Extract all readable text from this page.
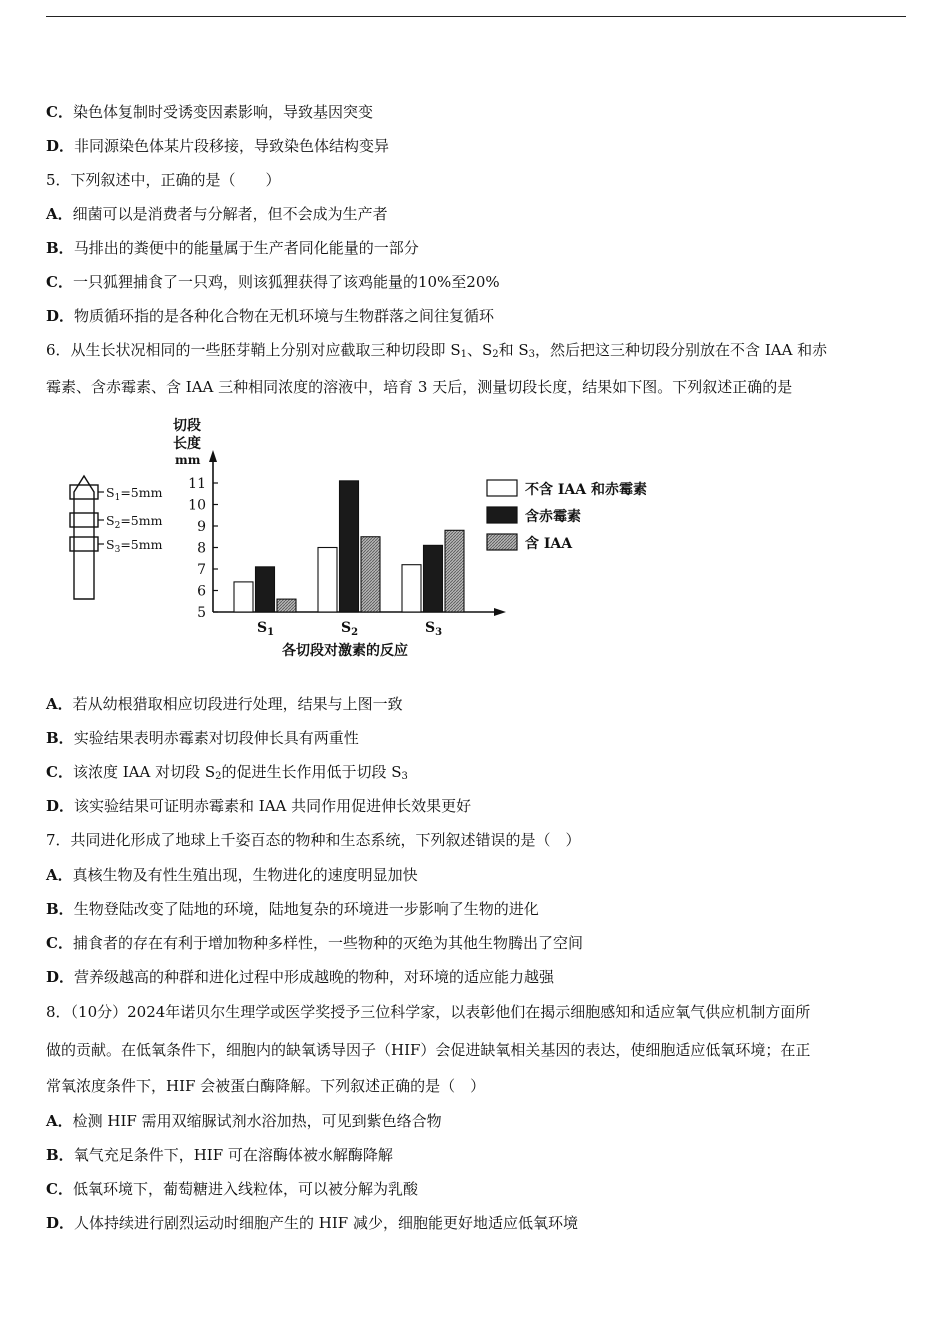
C．染色体复制时受诱变因素影响，导致基因突变
D．非同源染色体某片段移接，导致染色体结构变异
5．下列叙述中，正确的是（　　）
A．细菌可以是消费者与分解者，但不会成为生产者
B．马排出的粪便中的能量属于生产者同化能量的一部分
C．一只狐狸捕食了一只鸡，则该狐狸获得了该鸡能量的10%至20%
D．物质循环指的是各种化合物在无机环境与生物群落之间往复循环
6．从生长状况相同的一些胚芽鞘上分别对应截取三种切段即 $S_1$、$S_2$和 $S_3$，然后把这三种切段分别放在不含 IAA 和赤
霉素、含赤霉素、含 IAA 三种相同浓度的溶液中，培育 3 天后，测量切段长度，结果如下图。下列叙述正确的是
$S_1=5mm$
$S_2=5mm$
$S_3=5mm$
切段
长度
mm
5
6
7
8
9
10
11
$S_1$	$S_2$	$S_3$
各切段对激素的反应
不含 IAA 和赤霉素
含赤霉素
含 IAA
A．若从幼根猎取相应切段进行处理，结果与上图一致
B．实验结果表明赤霉素对切段伸长具有两重性
C．该浓度 IAA 对切段 $S_2$的促进生长作用低于切段 $S_3$
D．该实验结果可证明赤霉素和 IAA 共同作用促进伸长效果更好
7．共同进化形成了地球上千姿百态的物种和生态系统，下列叙述错误的是（　）
A．真核生物及有性生殖出现，生物进化的速度明显加快
B．生物登陆改变了陆地的环境，陆地复杂的环境进一步影响了生物的进化
C．捕食者的存在有利于增加物种多样性，一些物种的灭绝为其他生物腾出了空间
D．营养级越高的种群和进化过程中形成越晚的物种，对环境的适应能力越强
8．（10分）2024年诺贝尔生理学或医学奖授予三位科学家，以表彰他们在揭示细胞感知和适应氧气供应机制方面所
做的贡献。在低氧条件下，细胞内的缺氧诱导因子（HIF）会促进缺氧相关基因的表达，使细胞适应低氧环境；在正
常氧浓度条件下，HIF 会被蛋白酶降解。下列叙述正确的是（　）
A．检测 HIF 需用双缩脲试剂水浴加热，可见到紫色络合物
B．氧气充足条件下，HIF 可在溶酶体被水解酶降解
C．低氧环境下，葡萄糖进入线粒体，可以被分解为乳酸
D．人体持续进行剧烈运动时细胞产生的 HIF 减少，细胞能更好地适应低氧环境
